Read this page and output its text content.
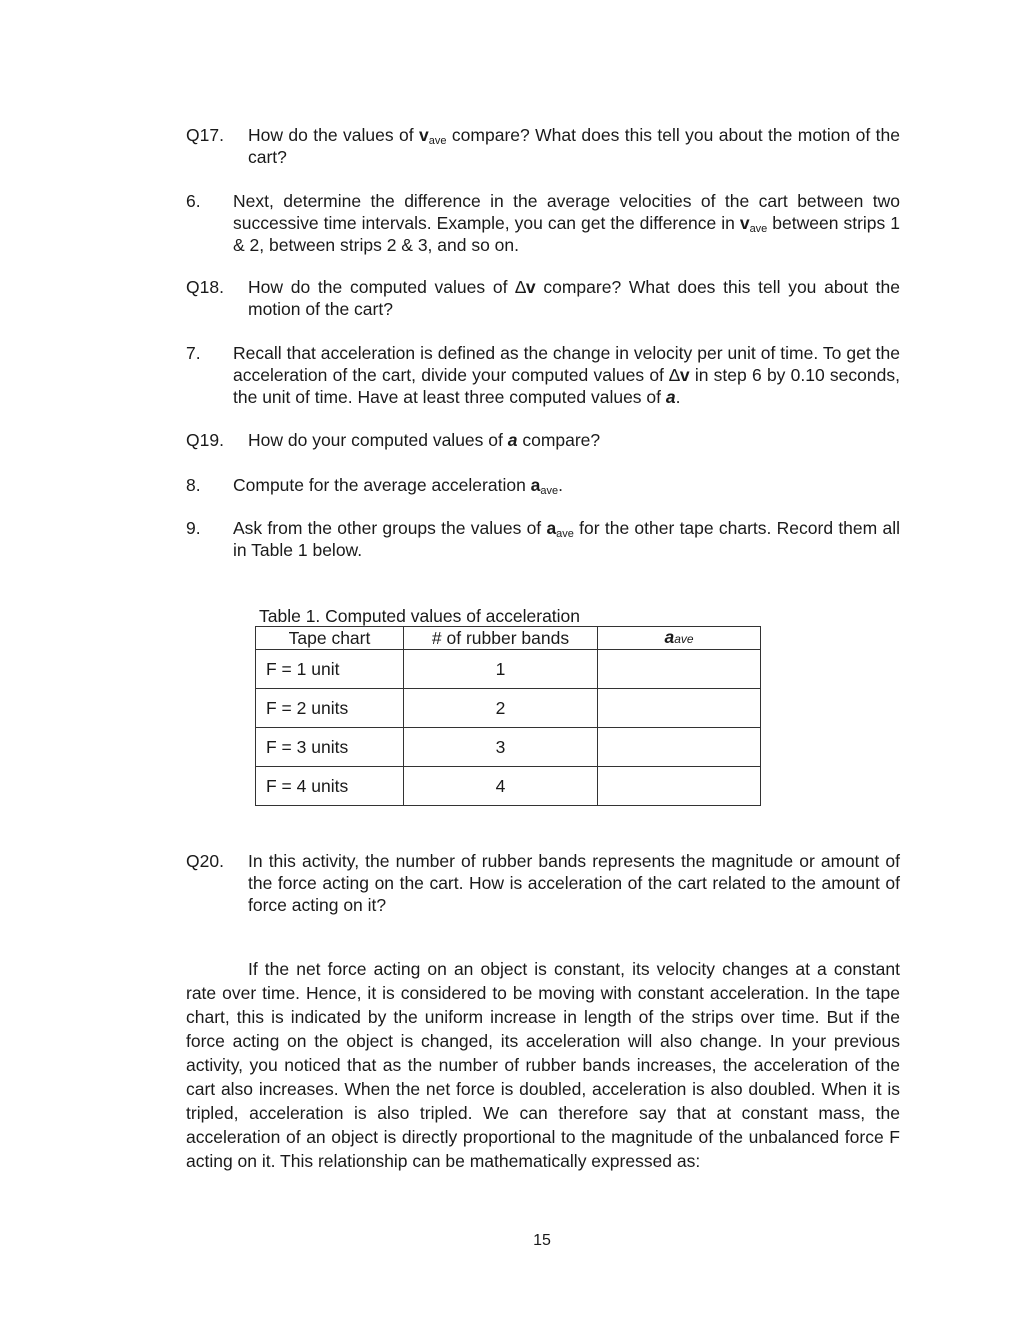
Q17. How do the values of $v_{ave}$ compare? What does this tell you about the motion of the cart?
6. Next, determine the difference in the average velocities of the cart between two successive time intervals. Example, you can get the difference in $v_{ave}$ between strips 1 & 2, between strips 2 & 3, and so on.
Q18. How do the computed values of ∆v compare? What does this tell you about the motion of the cart?
7. Recall that acceleration is defined as the change in velocity per unit of time. To get the acceleration of the cart, divide your computed values of ∆v in step 6 by 0.10 seconds, the unit of time. Have at least three computed values of a.
Q19. How do your computed values of a compare?
8. Compute for the average acceleration $a_{ave}$.
9. Ask from the other groups the values of $a_{ave}$ for the other tape charts. Record them all in Table 1 below.
Table 1. Computed values of acceleration
Tape chart	# of rubber bands	aave
F = 1 unit	1	
F = 2 units	2	
F = 3 units	3	
F = 4 units	4	
Q20. In this activity, the number of rubber bands represents the magnitude or amount of the force acting on the cart. How is acceleration of the cart related to the amount of force acting on it?
If the net force acting on an object is constant, its velocity changes at a constant rate over time. Hence, it is considered to be moving with constant acceleration. In the tape chart, this is indicated by the uniform increase in length of the strips over time. But if the force acting on the object is changed, its acceleration will also change. In your previous activity, you noticed that as the number of rubber bands increases, the acceleration of the cart also increases. When the net force is doubled, acceleration is also doubled. When it is tripled, acceleration is also tripled. We can therefore say that at constant mass, the acceleration of an object is directly proportional to the magnitude of the unbalanced force F acting on it. This relationship can be mathematically expressed as:
15
